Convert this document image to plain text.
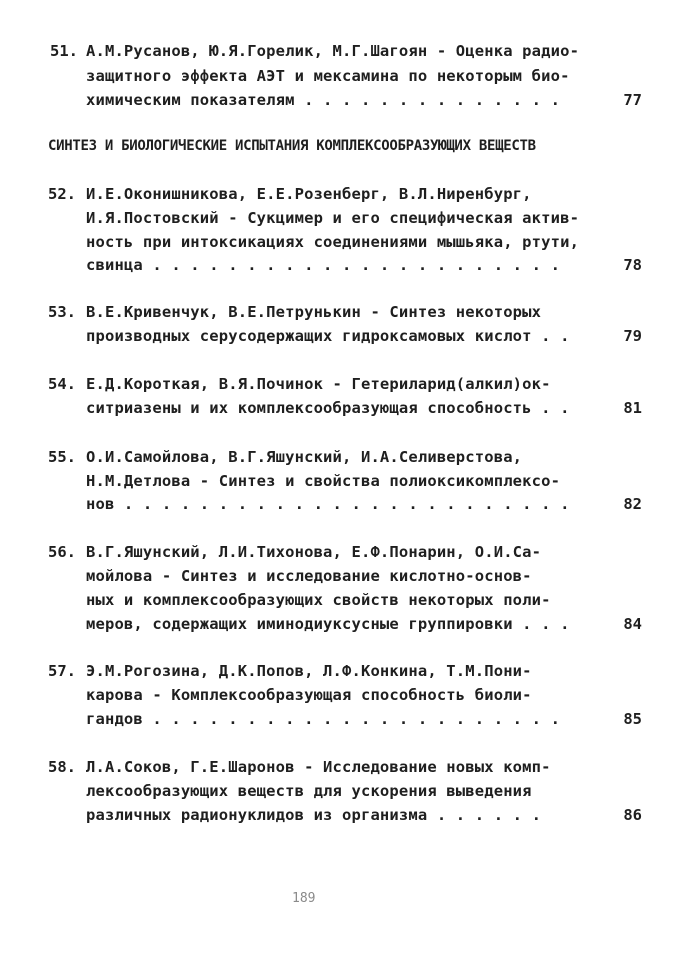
51. А.М.Русанов, Ю.Я.Горелик, М.Г.Шагоян - Оценка радио-
защитного эффекта АЭТ и мексамина по некоторым био-
химическим показателям . . . . . . . . . . . . . .	77
СИНТЕЗ И БИОЛОГИЧЕСКИЕ ИСПЫТАНИЯ КОМПЛЕКСООБРАЗУЮЩИХ ВЕЩЕСТВ
52. И.Е.Оконишникова, Е.Е.Розенберг, В.Л.Ниренбург,
И.Я.Постовский - Сукцимер и его специфическая актив-
ность при интоксикациях соединениями мышьяка, ртути,
свинца . . . . . . . . . . . . . . . . . . . . . .	78
53. В.Е.Кривенчук, В.Е.Петрунькин - Синтез некоторых
производных серусодержащих гидроксамовых кислот . .	79
54. Е.Д.Короткая, В.Я.Починок - Гетериларид(алкил)ок-
ситриазены и их комплексообразующая способность . .	81
55. О.И.Самойлова, В.Г.Яшунский, И.А.Селиверстова,
Н.М.Детлова - Синтез и свойства полиоксикомплексо-
нов . . . . . . . . . . . . . . . . . . . . . . . .	82
56. В.Г.Яшунский, Л.И.Тихонова, Е.Ф.Понарин, О.И.Са-
мойлова - Синтез и исследование кислотно-основ-
ных и комплексообразующих свойств некоторых поли-
меров, содержащих иминодиуксусные группировки . . .	84
57. Э.М.Рогозина, Д.К.Попов, Л.Ф.Конкина, Т.М.Пони-
карова - Комплексообразующая способность биоли-
гандов . . . . . . . . . . . . . . . . . . . . . .	85
58. Л.А.Соков, Г.Е.Шаронов - Исследование новых комп-
лексообразующих веществ для ускорения выведения
различных радионуклидов из организма . . . . . .	86
189
